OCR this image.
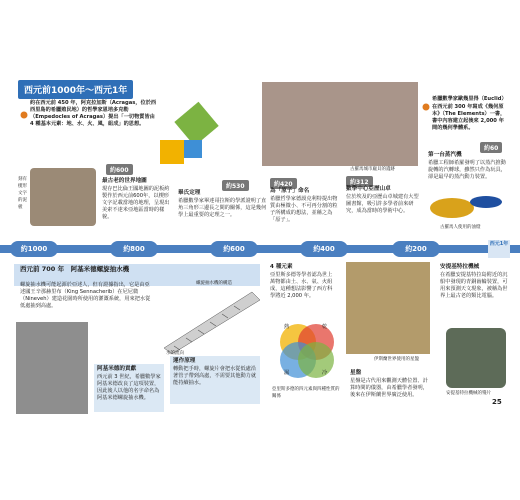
西元前1000年～西元1年
約在西元前 450 年，阿克拉加斯（Acragas，位於西西里島的希臘殖民地）的哲學家恩培多克勒（Empedocles of Acragas）提出「一切物質皆由 4 種基本元素：地、水、火、風，組成」的思想。
刻有楔形文字的泥板
約600
最古老的世界地圖
現存巴比倫王國地圖的泥板約製作於西元前600年，以楔形文字記載當地的地理，呈現出美索不達米亞地區當時的樣貌。
約530
畢氏定理
希臘數學家畢達哥拉斯的學派證明了直角三角形三邊長之間的關係，這是幾何學上最重要的定理之一。
古羅馬城市龐貝的遺跡
希臘數學家歐幾里得（Euclid）
在西元前 300 年寫成《幾何原本》（The Elements）一書，書中內容建立起後來 2,000 年間的幾何學體系。
約420
為「原子」命名
希臘哲學家德謨克利特提出物質由極微小、不可再分割的粒子所構成的想法，並稱之為「原子」。
約312
數學中心亞歷山卓
位於埃及的亞歷山卓城建有大型圖書館，吸引許多學者前來研究，成為當時的學術中心。
約60
第一台蒸汽機
希臘工程師希羅發明了以蒸汽推動旋轉的汽轉球，雖然只作為玩具，卻是最早的蒸汽動力裝置。
古羅馬人使用的油燈
約1000	約800	約600	約400	約200
西元1年
西元前 700 年　阿基米德螺旋抽水機
螺旋抽水機可能起源於亞述人，但有證據指出，它是由亞述國王辛那赫里布（King Sennacherib）在尼尼微（Nineveh）建造花園時所使用的灌溉系統，用來把水從低處抽到高處。
螺旋抽水機的構造
水的流向
阿基米德的貢獻
西元前 3 世紀，希臘數學家阿基米德改良了這項裝置，因此後人以他的名字命名為阿基米德螺旋抽水機。
運作原理
轉動把手時，螺旋片會把水從低處沿著管子帶到高處，不需要其他動力就能持續抽水。
4 種元素
亞里斯多德等學者認為世上萬物都由土、水、氣、火組成，這種想法影響了西方科學將近 2,000 年。
熱	乾
濕	冷
亞里斯多德的四元素與四種性質的關係
伊斯蘭世界使用的星盤
星盤
星盤是古代用來觀測天體位置、計算時間的儀器，由希臘學者發明，後來在伊斯蘭世界廣泛使用。
安提基特拉機械
在希臘安提基特拉島附近的沉船中發現的青銅齒輪裝置，可用來預測天文現象，被稱為世界上最古老的類比電腦。
安提基特拉機械的殘片
25
